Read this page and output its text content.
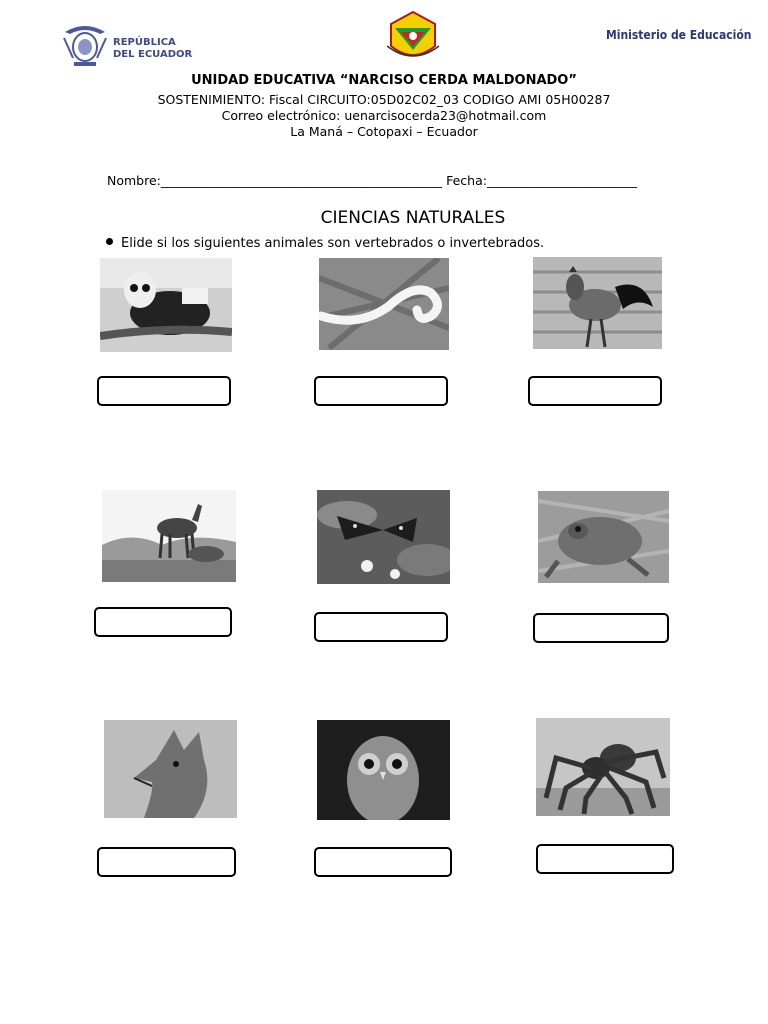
REPÚBLICA
DEL ECUADOR
Ministerio de Educación
UNIDAD EDUCATIVA “NARCISO CERDA MALDONADO”
SOSTENIMIENTO: Fiscal CIRCUITO:05D02C02_03 CODIGO AMI 05H00287
Correo electrónico: uenarcisocerda23@hotmail.com
La Maná – Cotopaxi – Ecuador
Nombre:_____________________________________________ Fecha:________________________
CIENCIAS NATURALES
Elide si los siguientes animales son vertebrados o invertebrados.
